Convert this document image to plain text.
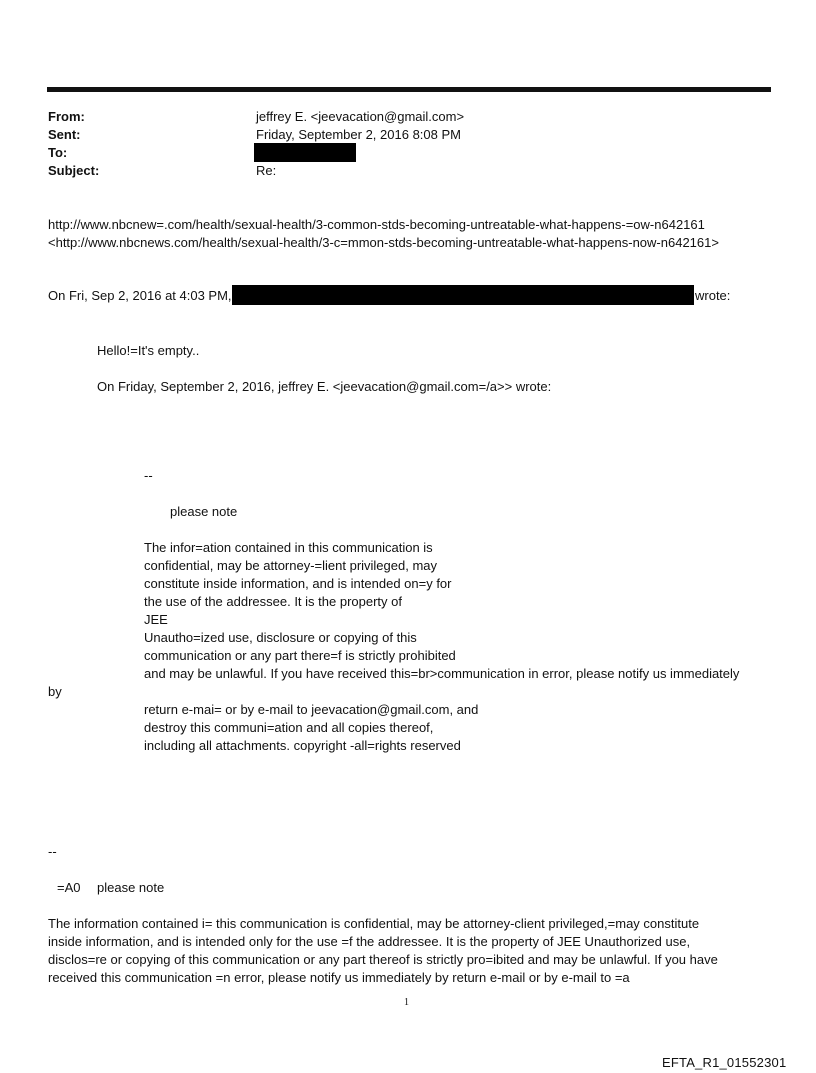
From:	jeffrey E. <jeevacation@gmail.com>
Sent:	Friday, September 2, 2016 8:08 PM
To:
Subject:	Re:
http://www.nbcnew=.com/health/sexual-health/3-common-stds-becoming-untreatable-what-happens-=ow-n642161
<http://www.nbcnews.com/health/sexual-health/3-c=mmon-stds-becoming-untreatable-what-happens-now-n642161>
On Fri, Sep 2, 2016 at 4:03 PM,	wrote:
Hello!=It's empty..
On Friday, September 2, 2016, jeffrey E. <jeevacation@gmail.com=/a>> wrote:
--
please note
The infor=ation contained in this communication is
confidential, may be attorney-=lient privileged, may
constitute inside information, and is intended on=y for
the use of the addressee. It is the property of
JEE
Unautho=ized use, disclosure or copying of this
communication or any part there=f is strictly prohibited
and may be unlawful. If you have received this=br>communication in error, please notify us immediately
by
return e-mai= or by e-mail to jeevacation@gmail.com, and
destroy this communi=ation and all copies thereof,
including all attachments. copyright -all=rights reserved
--
=A0 please note
The information contained i= this communication is confidential, may be attorney-client privileged,=may constitute
inside information, and is intended only for the use =f the addressee. It is the property of JEE Unauthorized use,
disclos=re or copying of this communication or any part thereof is strictly pro=ibited and may be unlawful. If you have
received this communication =n error, please notify us immediately by return e-mail or by e-mail to =a
1
EFTA_R1_01552301
